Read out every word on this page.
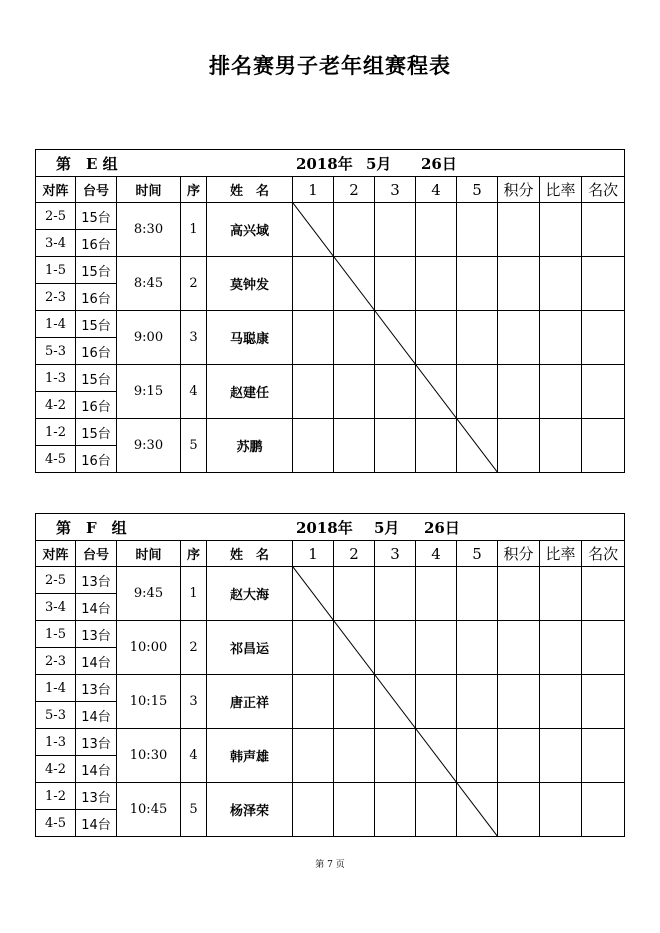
排名赛男子老年组赛程表
第　E 组 2018年 5月 26日												
对阵	台号	时间	序	姓　名	1	2	3	4	5	积分	比率	名次
2-5	15台	8:30	1	高兴域								
3-4	16台											
1-5	15台	8:45	2	莫钟发								
2-3	16台											
1-4	15台	9:00	3	马聪康								
5-3	16台											
1-3	15台	9:15	4	赵建任								
4-2	16台											
1-2	15台	9:30	5	苏鹏								
4-5	16台											
第　F　组 2018年 5月 26日												
对阵	台号	时间	序	姓　名	1	2	3	4	5	积分	比率	名次
2-5	13台	9:45	1	赵大海								
3-4	14台											
1-5	13台	10:00	2	祁昌运								
2-3	14台											
1-4	13台	10:15	3	唐正祥								
5-3	14台											
1-3	13台	10:30	4	韩声雄								
4-2	14台											
1-2	13台	10:45	5	杨泽荣								
4-5	14台											
第 7 页
